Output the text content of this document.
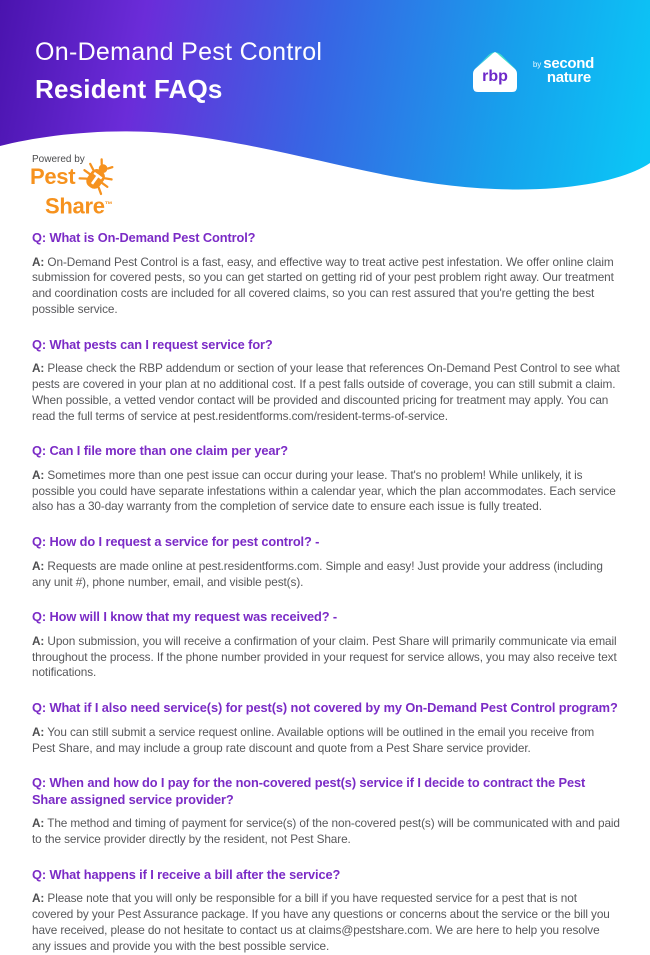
On-Demand Pest Control
Resident FAQs	rbp
by second
nature
Powered by
Pest
Share™
Q: What is On-Demand Pest Control?
A: On-Demand Pest Control is a fast, easy, and effective way to treat active pest infestation. We offer online claim submission for covered pests, so you can get started on getting rid of your pest problem right away. Our treatment and coordination costs are included for all covered claims, so you can rest assured that you're getting the best possible service.
Q: What pests can I request service for?
A: Please check the RBP addendum or section of your lease that references On-Demand Pest Control to see what pests are covered in your plan at no additional cost. If a pest falls outside of coverage, you can still submit a claim. When possible, a vetted vendor contact will be provided and discounted pricing for treatment may apply. You can read the full terms of service at pest.residentforms.com/resident-terms-of-service.
Q: Can I file more than one claim per year?
A: Sometimes more than one pest issue can occur during your lease. That's no problem! While unlikely, it is possible you could have separate infestations within a calendar year, which the plan accommodates. Each service also has a 30-day warranty from the completion of service date to ensure each issue is fully treated.
Q: How do I request a service for pest control? -
A: Requests are made online at pest.residentforms.com. Simple and easy! Just provide your address (including any unit #), phone number, email, and visible pest(s).
Q: How will I know that my request was received? -
A: Upon submission, you will receive a confirmation of your claim. Pest Share will primarily communicate via email throughout the process. If the phone number provided in your request for service allows, you may also receive text notifications.
Q: What if I also need service(s) for pest(s) not covered by my On-Demand Pest Control program?
A: You can still submit a service request online. Available options will be outlined in the email you receive from Pest Share, and may include a group rate discount and quote from a Pest Share service provider.
Q: When and how do I pay for the non-covered pest(s) service if I decide to contract the Pest Share assigned service provider?
A: The method and timing of payment for service(s) of the non-covered pest(s) will be communicated with and paid to the service provider directly by the resident, not Pest Share.
Q: What happens if I receive a bill after the service?
A: Please note that you will only be responsible for a bill if you have requested service for a pest that is not covered by your Pest Assurance package. If you have any questions or concerns about the service or the bill you have received, please do not hesitate to contact us at claims@pestshare.com. We are here to help you resolve any issues and provide you with the best possible service.
